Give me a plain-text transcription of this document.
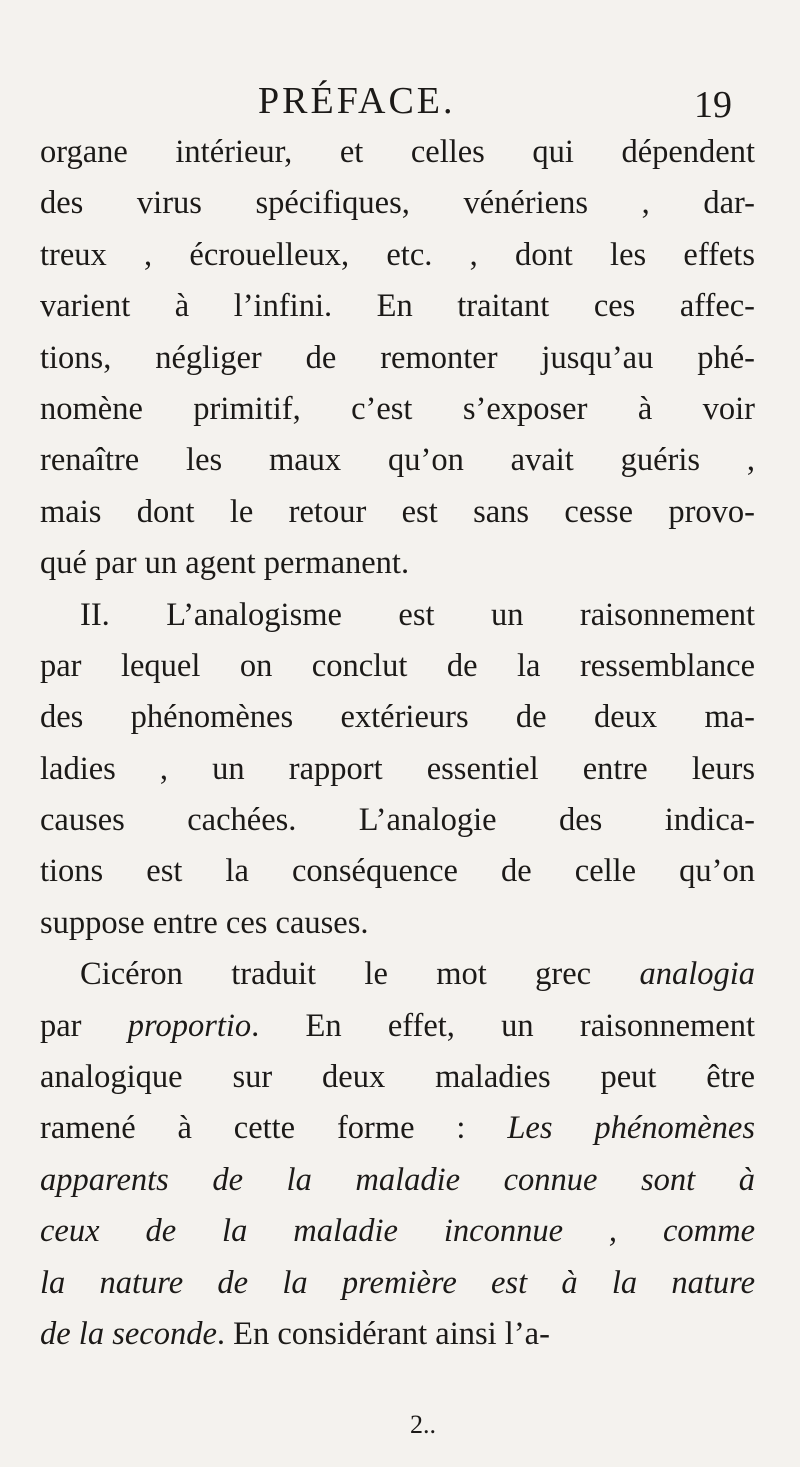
PRÉFACE.	19
organe intérieur, et celles qui dépendent
des virus spécifiques, vénériens , dar-
treux , écrouelleux, etc. , dont les effets
varient à l’infini. En traitant ces affec-
tions, négliger de remonter jusqu’au phé-
nomène primitif, c’est s’exposer à voir
renaître les maux qu’on avait guéris ,
mais dont le retour est sans cesse provo-
qué par un agent permanent.
II. L’analogisme est un raisonnement
par lequel on conclut de la ressemblance
des phénomènes extérieurs de deux ma-
ladies , un rapport essentiel entre leurs
causes cachées. L’analogie des indica-
tions est la conséquence de celle qu’on
suppose entre ces causes.
Cicéron traduit le mot grec analogia
par proportio. En effet, un raisonnement
analogique sur deux maladies peut être
ramené à cette forme : Les phénomènes
apparents de la maladie connue sont à
ceux de la maladie inconnue , comme
la nature de la première est à la nature
de la seconde. En considérant ainsi l’a-
2..
